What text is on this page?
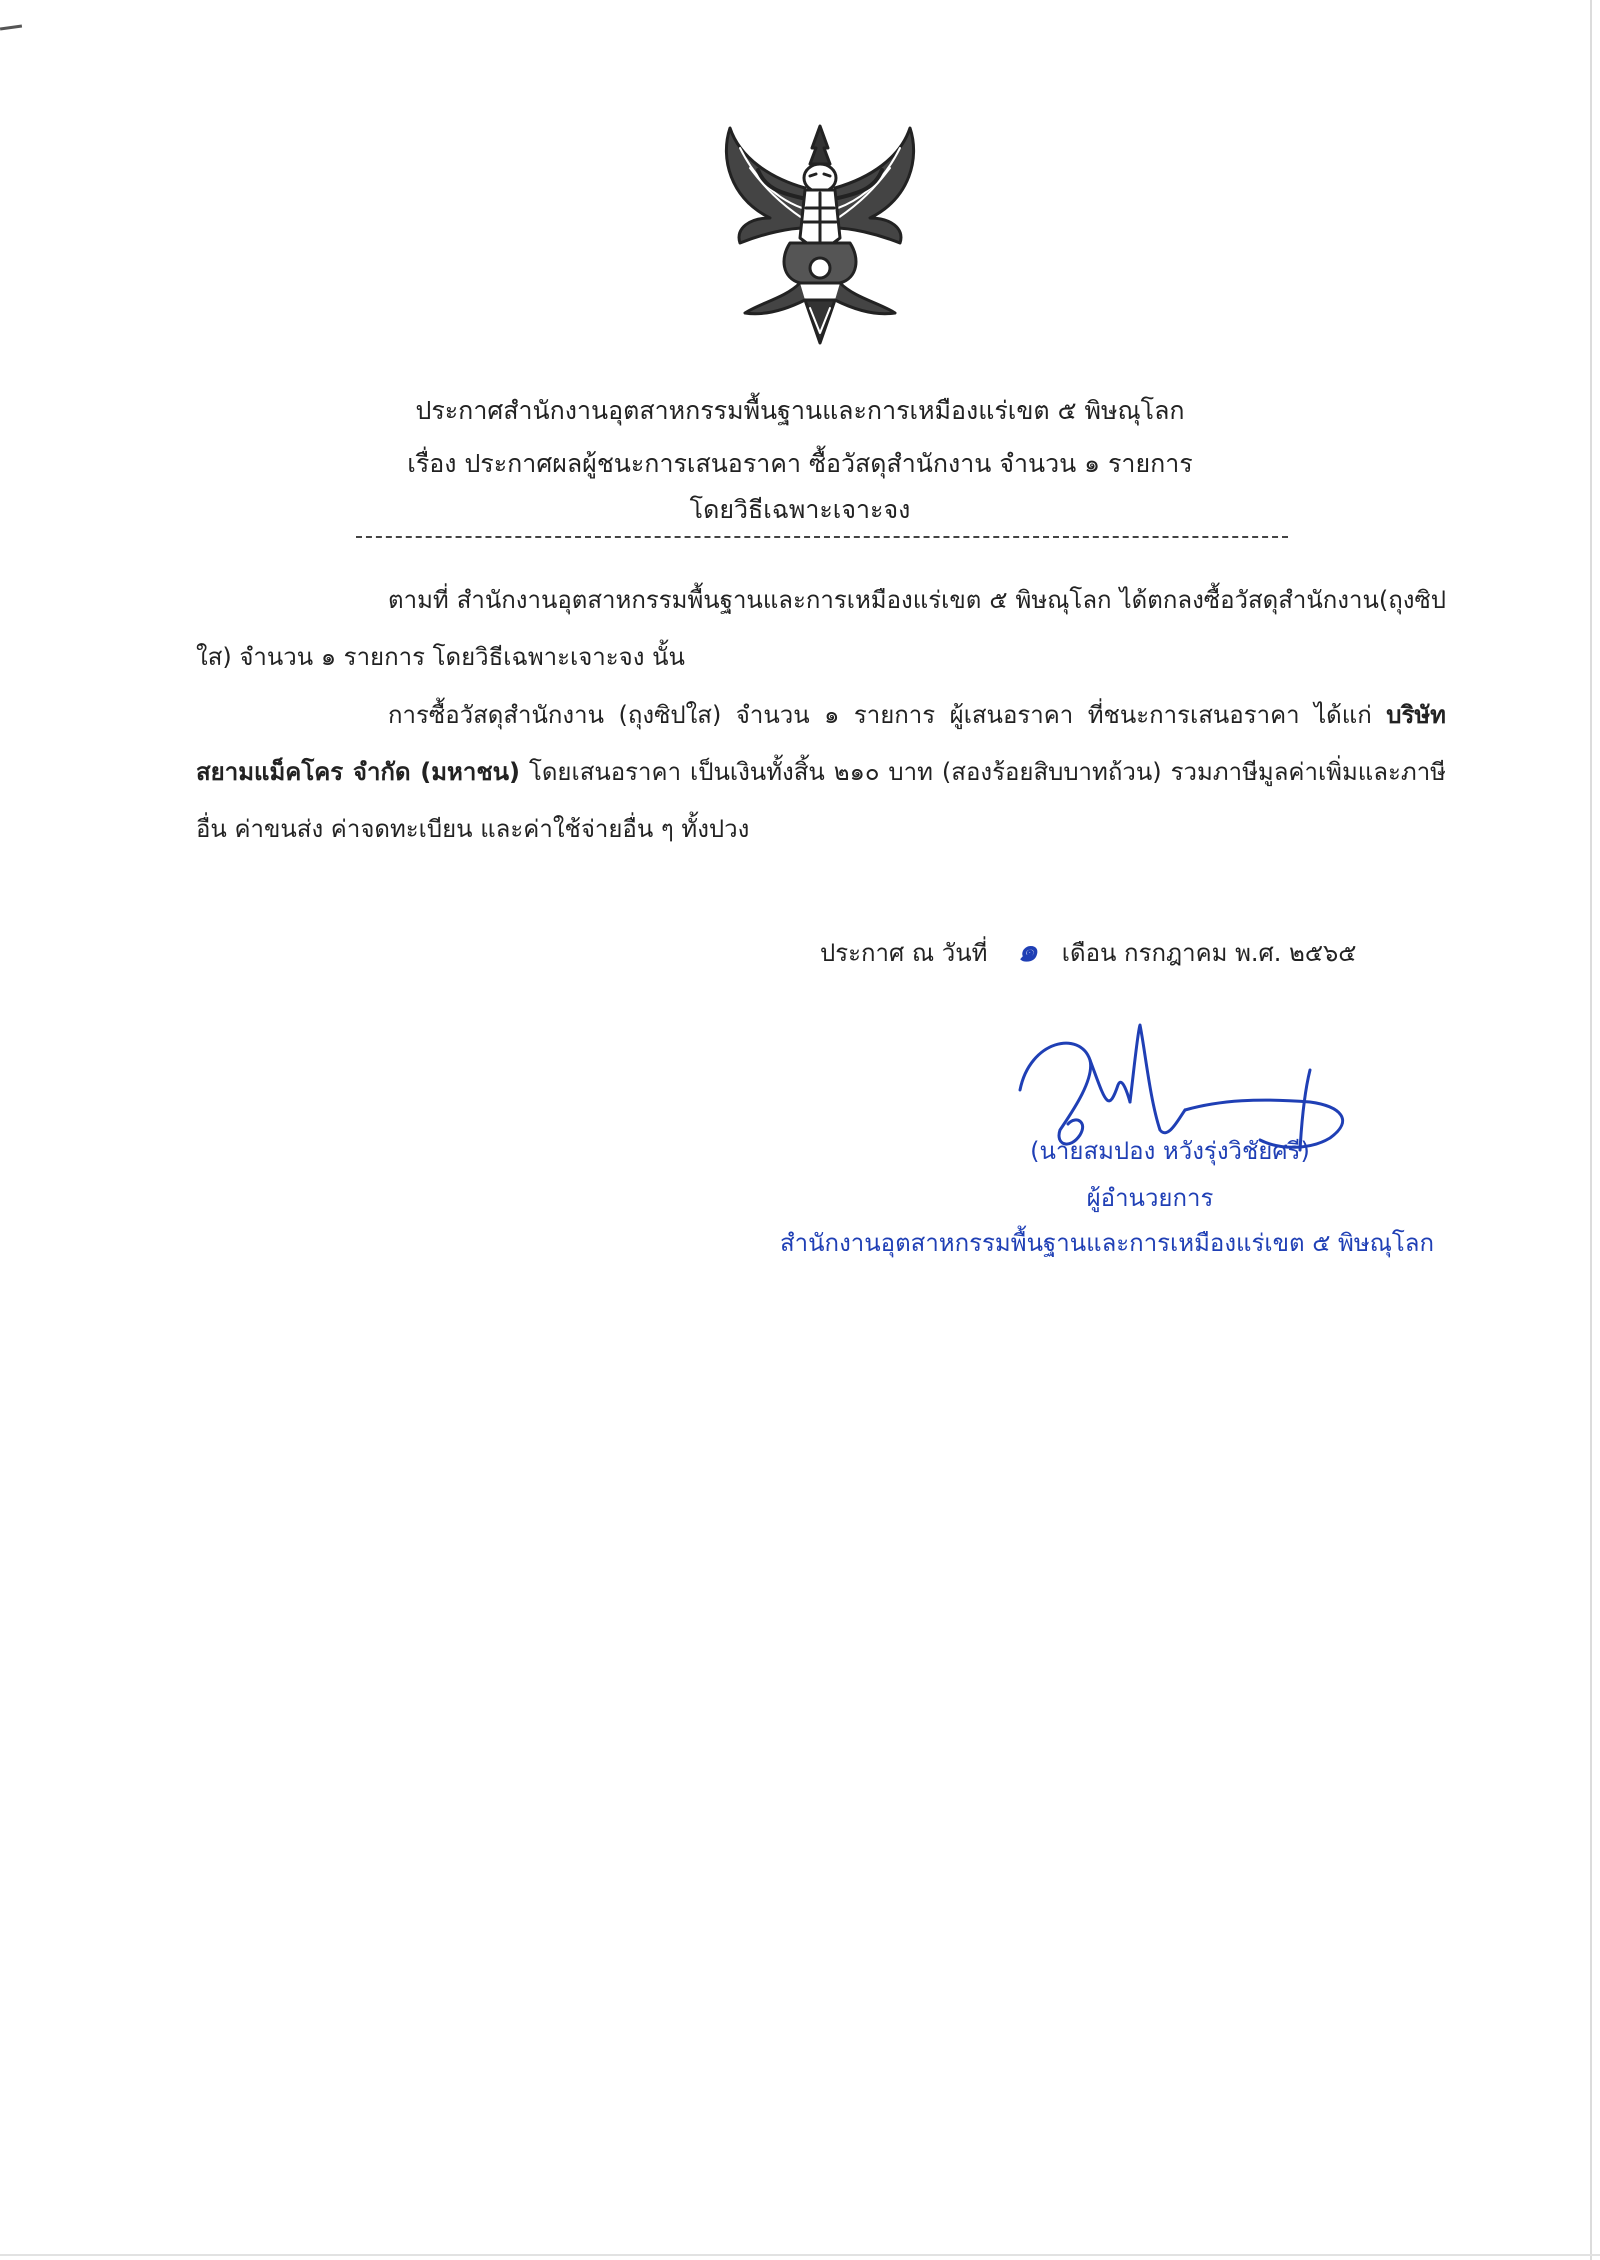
ประกาศสำนักงานอุตสาหกรรมพื้นฐานและการเหมืองแร่เขต ๕ พิษณุโลก
เรื่อง ประกาศผลผู้ชนะการเสนอราคา ซื้อวัสดุสำนักงาน จำนวน ๑ รายการ
โดยวิธีเฉพาะเจาะจง
ตามที่ สำนักงานอุตสาหกรรมพื้นฐานและการเหมืองแร่เขต ๕ พิษณุโลก ได้ตกลงซื้อวัสดุสำนักงาน(ถุงซิปใส) จำนวน ๑ รายการ โดยวิธีเฉพาะเจาะจง นั้น
การซื้อวัสดุสำนักงาน (ถุงซิปใส) จำนวน ๑ รายการ ผู้เสนอราคา ที่ชนะการเสนอราคา ได้แก่ บริษัท สยามแม็คโคร จำกัด (มหาชน) โดยเสนอราคา เป็นเงินทั้งสิ้น ๒๑๐ บาท (สองร้อยสิบบาทถ้วน) รวมภาษีมูลค่าเพิ่มและภาษีอื่น ค่าขนส่ง ค่าจดทะเบียน และค่าใช้จ่ายอื่น ๆ ทั้งปวง
ประกาศ ณ วันที่ ๑ เดือน กรกฎาคม พ.ศ. ๒๕๖๕
(นายสมปอง หวังรุ่งวิชัยศรี)
ผู้อำนวยการ
สำนักงานอุตสาหกรรมพื้นฐานและการเหมืองแร่เขต ๕ พิษณุโลก
